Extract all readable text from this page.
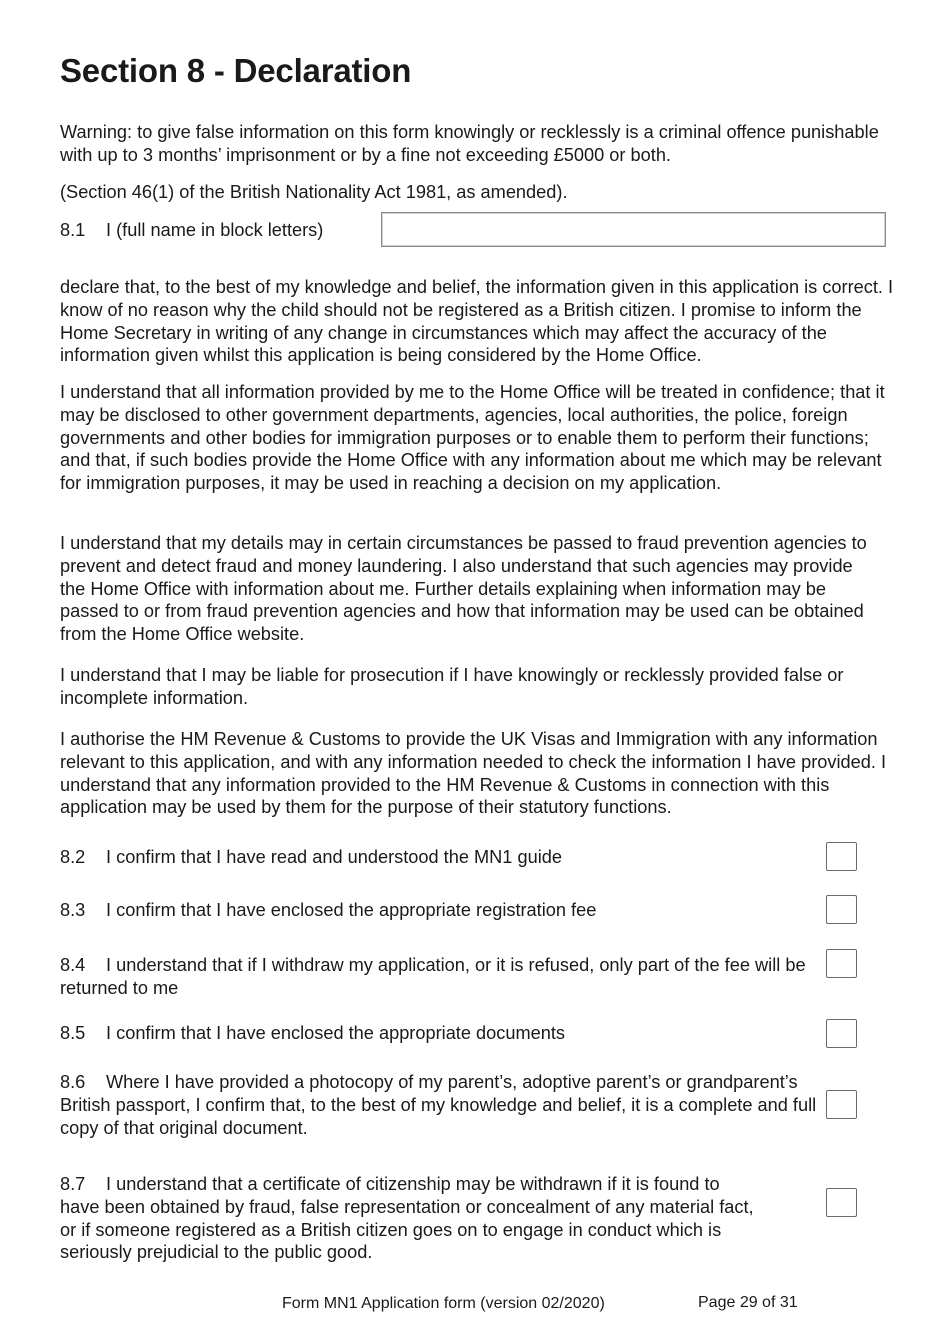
Section 8 - Declaration

Warning: to give false information on this form knowingly or recklessly is a criminal offence punishable with up to 3 months’ imprisonment or by a fine not exceeding £5000 or both.

(Section 46(1) of the British Nationality Act 1981, as amended).

8.1 I (full name in block letters)

declare that, to the best of my knowledge and belief, the information given in this application is correct. I know of no reason why the child should not be registered as a British citizen. I promise to inform the Home Secretary in writing of any change in circumstances which may affect the accuracy of the information given whilst this application is being considered by the Home Office.

I understand that all information provided by me to the Home Office will be treated in confidence; that it may be disclosed to other government departments, agencies, local authorities, the police, foreign governments and other bodies for immigration purposes or to enable them to perform their functions; and that, if such bodies provide the Home Office with any information about me which may be relevant for immigration purposes, it may be used in reaching a decision on my application.

I understand that my details may in certain circumstances be passed to fraud prevention agencies to prevent and detect fraud and money laundering. I also understand that such agencies may provide the Home Office with information about me. Further details explaining when information may be passed to or from fraud prevention agencies and how that information may be used can be obtained from the Home Office website.

I understand that I may be liable for prosecution if I have knowingly or recklessly provided false or incomplete information.

I authorise the HM Revenue & Customs to provide the UK Visas and Immigration with any information relevant to this application, and with any information needed to check the information I have provided. I understand that any information provided to the HM Revenue & Customs in connection with this application may be used by them for the purpose of their statutory functions.

8.2 I confirm that I have read and understood the MN1 guide
8.3 I confirm that I have enclosed the appropriate registration fee
8.4 I understand that if I withdraw my application, or it is refused, only part of the fee will be returned to me
8.5 I confirm that I have enclosed the appropriate documents
8.6 Where I have provided a photocopy of my parent’s, adoptive parent’s or grandparent’s British passport, I confirm that, to the best of my knowledge and belief, it is a complete and full copy of that original document.
8.7 I understand that a certificate of citizenship may be withdrawn if it is found to have been obtained by fraud, false representation or concealment of any material fact, or if someone registered as a British citizen goes on to engage in conduct which is seriously prejudicial to the public good.
Form MN1 Application form (version 02/2020)	Page 29 of 31
